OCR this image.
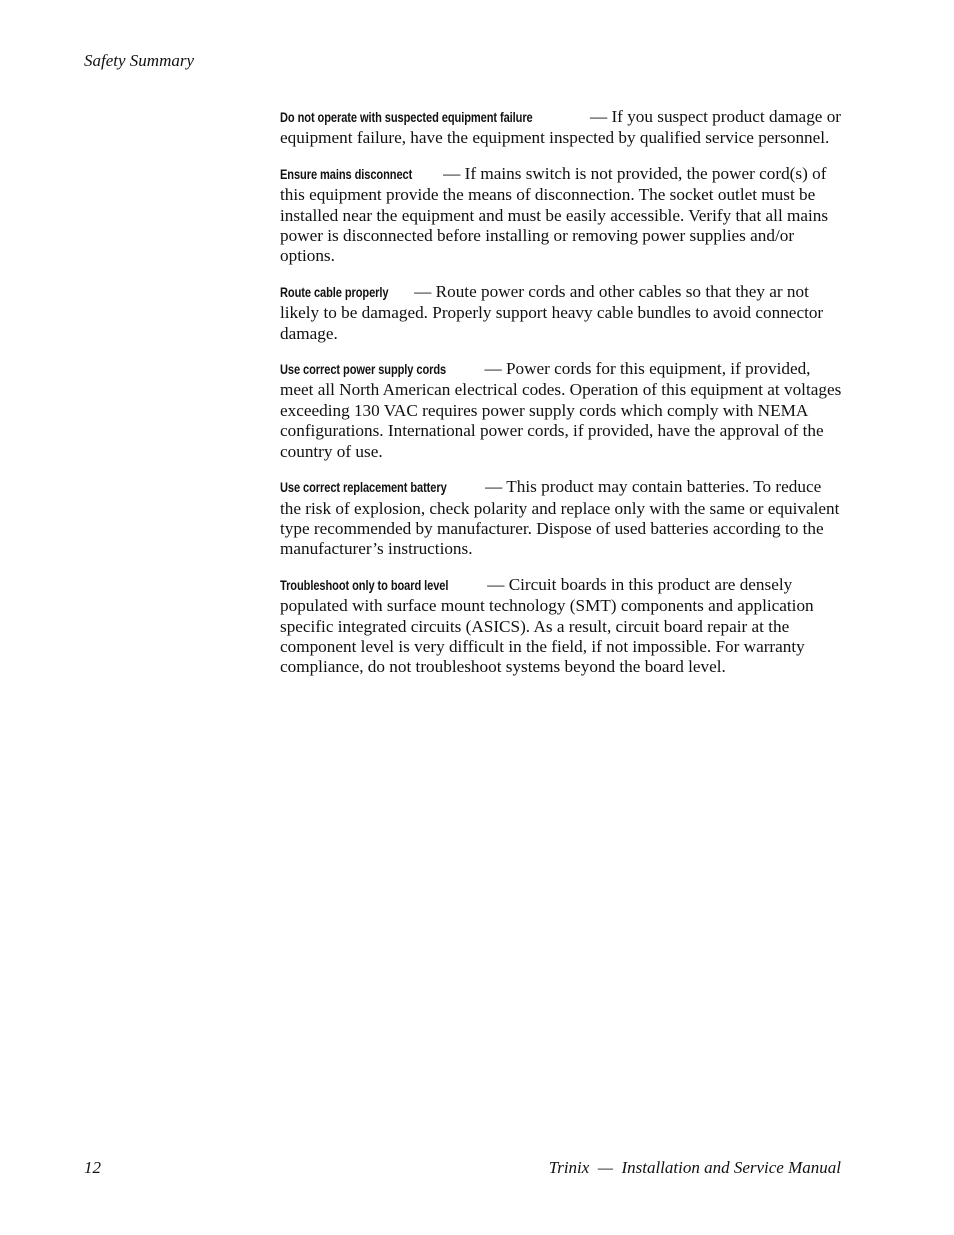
Safety Summary

Do not operate with suspected equipment failure	— If you suspect product damage or equipment failure, have the equipment inspected by qualified service personnel.

Ensure mains disconnect — If mains switch is not provided, the power cord(s) of this equipment provide the means of disconnection. The socket outlet must be installed near the equipment and must be easily accessible. Verify that all mains power is disconnected before installing or removing power supplies and/or options.

Route cable properly — Route power cords and other cables so that they ar not likely to be damaged. Properly support heavy cable bundles to avoid connector damage.

Use correct power supply cords — Power cords for this equipment, if provided, meet all North American electrical codes. Operation of this equipment at voltages exceeding 130 VAC requires power supply cords which comply with NEMA configurations. International power cords, if provided, have the approval of the country of use.

Use correct replacement battery — This product may contain batteries. To reduce the risk of explosion, check polarity and replace only with the same or equivalent type recommended by manufacturer. Dispose of used batteries according to the manufacturer’s instructions.

Troubleshoot only to board level — Circuit boards in this product are densely populated with surface mount technology (SMT) components and application specific integrated circuits (ASICS). As a result, circuit board repair at the component level is very difficult in the field, if not impossible. For warranty compliance, do not troubleshoot systems beyond the board level.

12	Trinix  —  Installation and Service Manual
